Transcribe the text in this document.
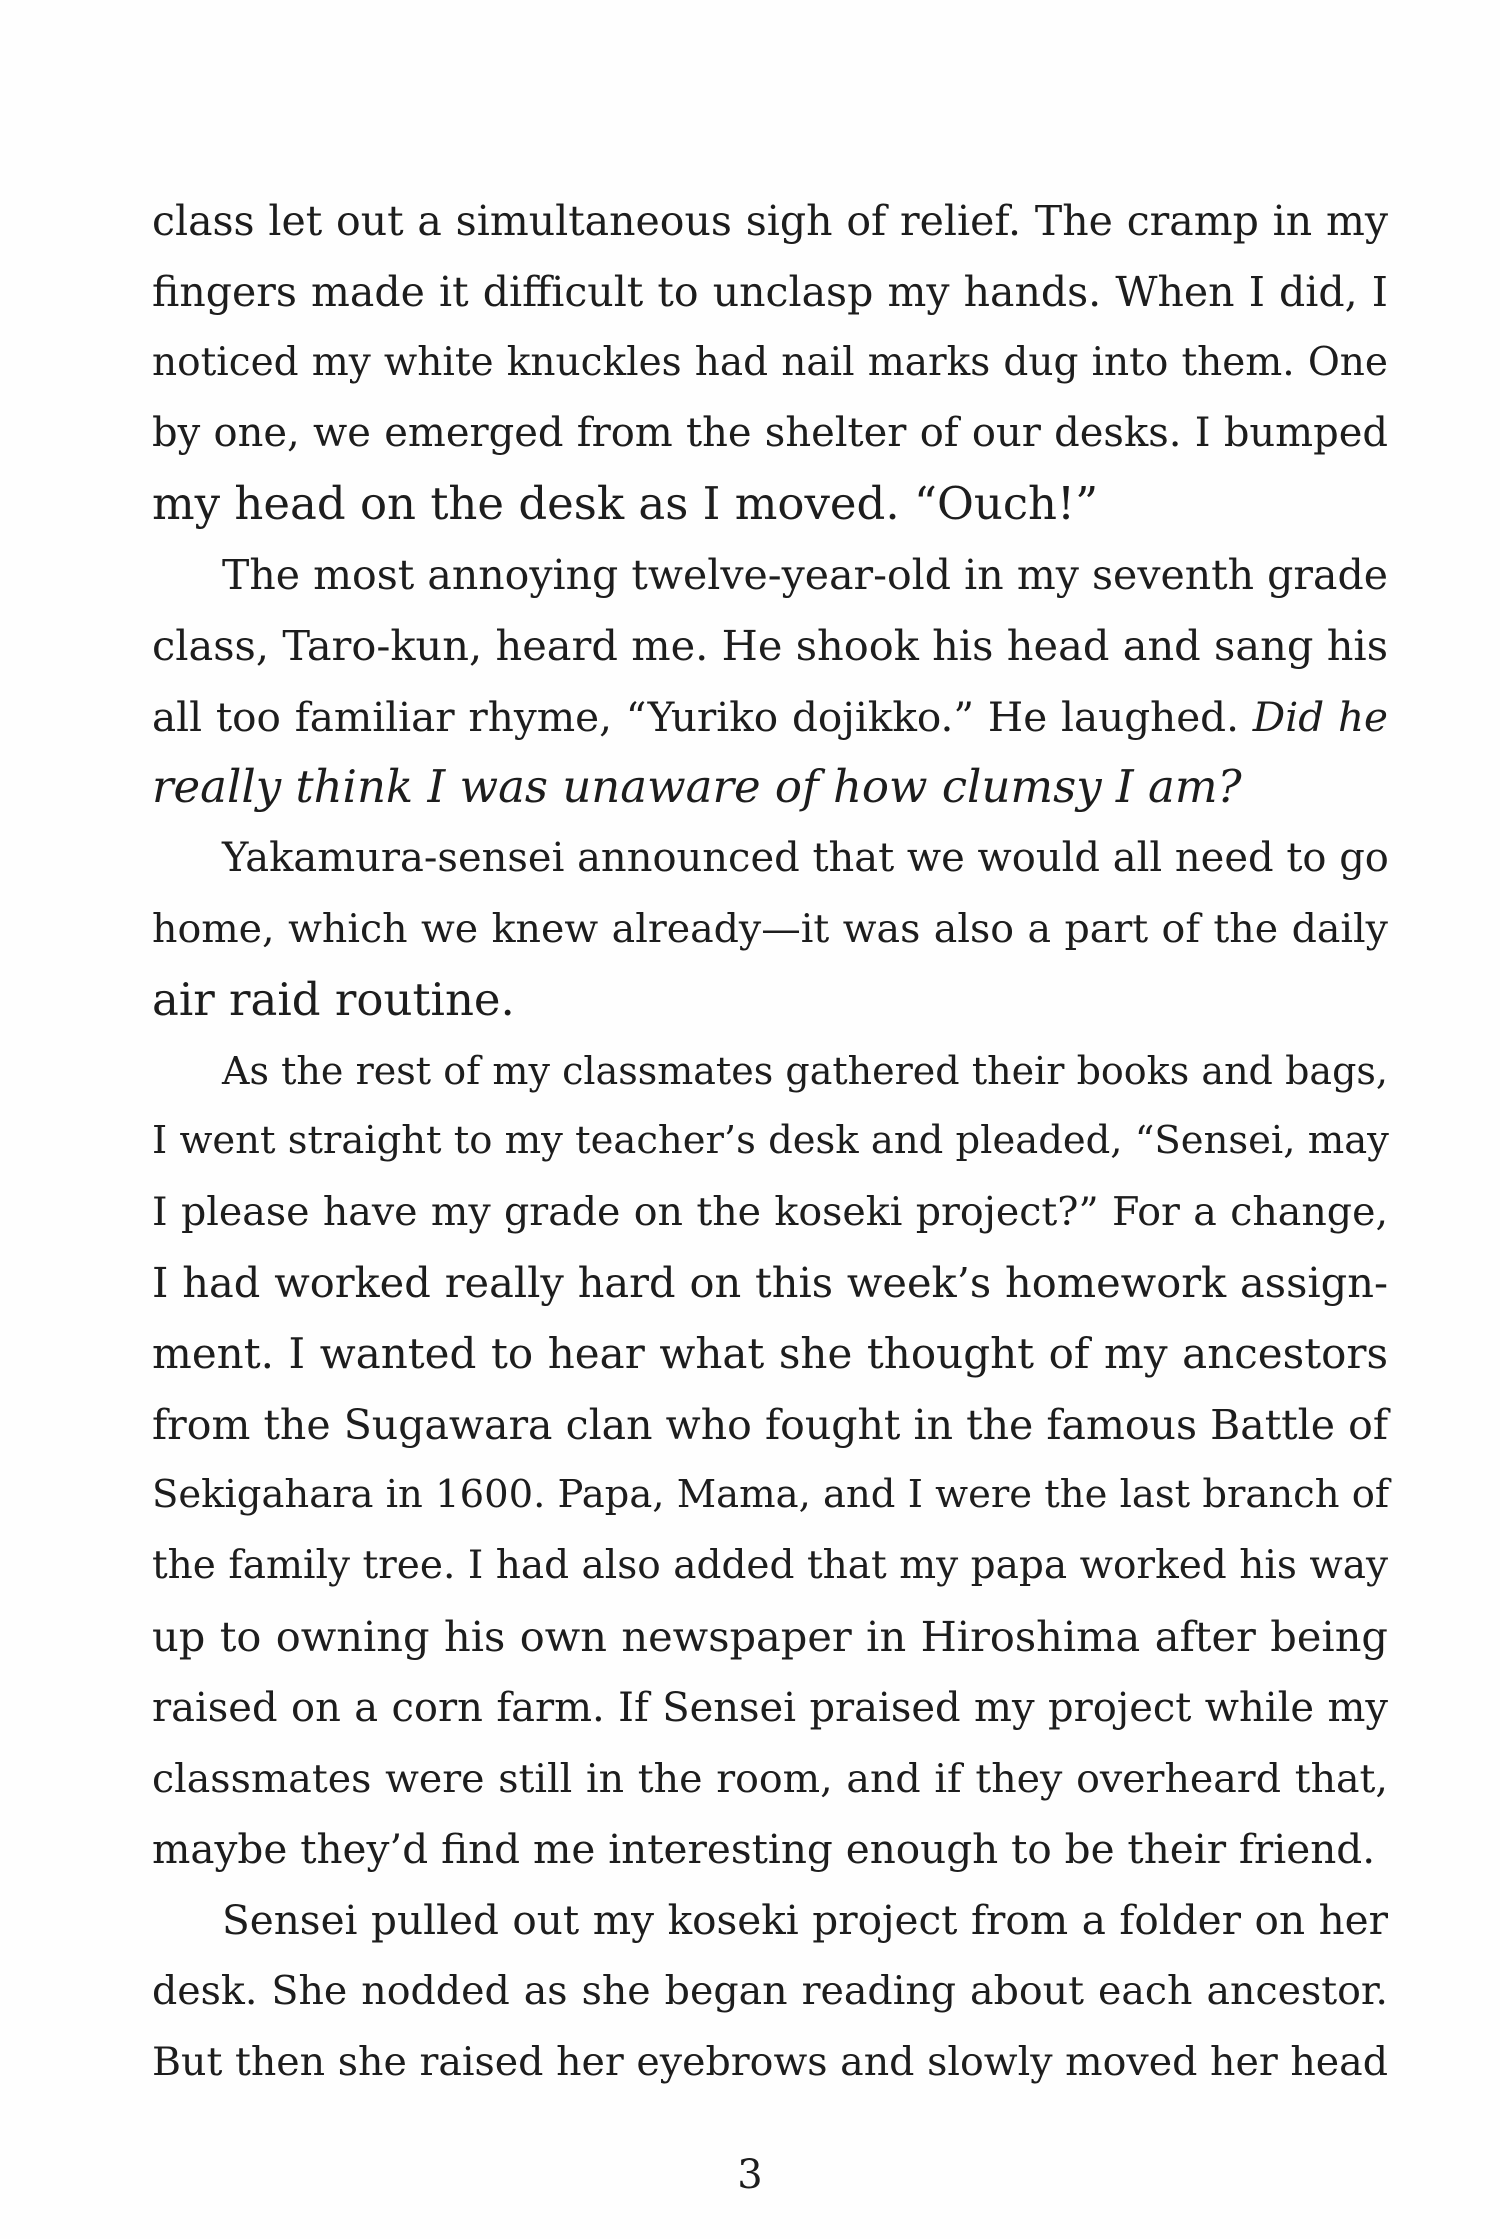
class let out a simultaneous sigh of relief. The cramp in my
fingers made it difficult to unclasp my hands. When I did, I
noticed my white knuckles had nail marks dug into them. One
by one, we emerged from the shelter of our desks. I bumped
my head on the desk as I moved. “Ouch!”
The most annoying twelve-year-old in my seventh grade
class, Taro-kun, heard me. He shook his head and sang his
all too familiar rhyme, “Yuriko dojikko.” He laughed. Did he
really think I was unaware of how clumsy I am?
Yakamura-sensei announced that we would all need to go
home, which we knew already—it was also a part of the daily
air raid routine.
As the rest of my classmates gathered their books and bags,
I went straight to my teacher’s desk and pleaded, “Sensei, may
I please have my grade on the koseki project?” For a change,
I had worked really hard on this week’s homework assign-
ment. I wanted to hear what she thought of my ancestors
from the Sugawara clan who fought in the famous Battle of
Sekigahara in 1600. Papa, Mama, and I were the last branch of
the family tree. I had also added that my papa worked his way
up to owning his own newspaper in Hiroshima after being
raised on a corn farm. If Sensei praised my project while my
classmates were still in the room, and if they overheard that,
maybe they’d find me interesting enough to be their friend.
Sensei pulled out my koseki project from a folder on her
desk. She nodded as she began reading about each ancestor.
But then she raised her eyebrows and slowly moved her head
3
